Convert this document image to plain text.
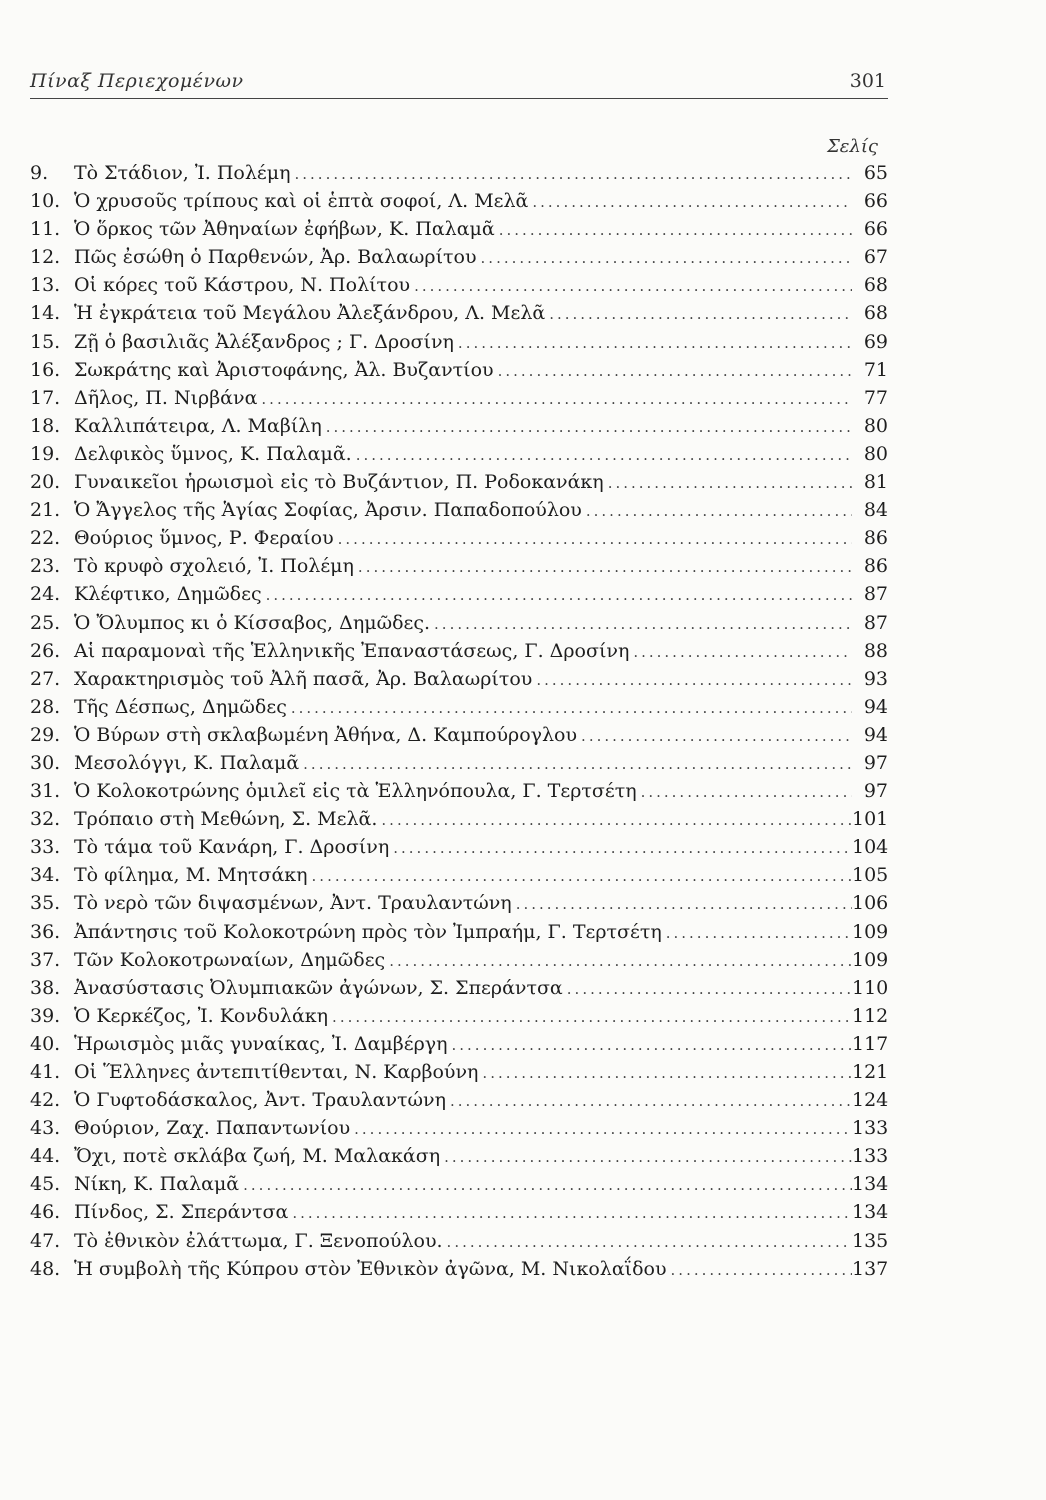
Πίναξ Περιεχομένων	301
Σελίς
9.	Τὸ Στάδιον, Ἰ. Πολέμη .....	65
10. Ὁ χρυσοῦς τρίπους καὶ οἱ ἑπτὰ σοφοί, Λ. Μελᾶ .....	66
11. Ὁ ὅρκος τῶν Ἀθηναίων ἐφήβων, Κ. Παλαμᾶ .....	66
12. Πῶς ἐσώθη ὁ Παρθενών, Ἀρ. Βαλαωρίτου .....	67
13. Οἱ κόρες τοῦ Κάστρου, Ν. Πολίτου .....	68
14. Ἡ ἐγκράτεια τοῦ Μεγάλου Ἀλεξάνδρου, Λ. Μελᾶ .....	68
15. Ζῇ ὁ βασιλιᾶς Ἀλέξανδρος ; Γ. Δροσίνη .....	69
16. Σωκράτης καὶ Ἀριστοφάνης, Ἀλ. Βυζαντίου .....	71
17. Δῆλος, Π. Νιρβάνα .....	77
18. Καλλιπάτειρα, Λ. Μαβίλη .....	80
19. Δελφικὸς ὕμνος, Κ. Παλαμᾶ. .....	80
20. Γυναικεῖοι ἡρωισμοὶ εἰς τὸ Βυζάντιον, Π. Ροδοκανάκη .....	81
21. Ὁ Ἄγγελος τῆς Ἁγίας Σοφίας, Ἀρσιν. Παπαδοπούλου .....	84
22. Θούριος ὕμνος, Ρ. Φεραίου .....	86
23. Τὸ κρυφὸ σχολειό, Ἰ. Πολέμη .....	86
24. Κλέφτικο, Δημῶδες .....	87
25. Ὁ Ὄλυμπος κι ὁ Κίσσαβος, Δημῶδες. .....	87
26. Αἱ παραμοναὶ τῆς Ἑλληνικῆς Ἐπαναστάσεως, Γ. Δροσίνη .....	88
27. Χαρακτηρισμὸς τοῦ Ἀλῆ πασᾶ, Ἀρ. Βαλαωρίτου .....	93
28. Τῆς Δέσπως, Δημῶδες .....	94
29. Ὁ Βύρων στὴ σκλαβωμένη Ἀθήνα, Δ. Καμπούρογλου .....	94
30. Μεσολόγγι, Κ. Παλαμᾶ .....	97
31. Ὁ Κολοκοτρώνης ὁμιλεῖ εἰς τὰ Ἑλληνόπουλα, Γ. Τερτσέτη .....	97
32. Τρόπαιο στὴ Μεθώνη, Σ. Μελᾶ. .....	101
33. Τὸ τάμα τοῦ Κανάρη, Γ. Δροσίνη .....	104
34. Τὸ φίλημα, Μ. Μητσάκη .....	105
35. Τὸ νερὸ τῶν διψασμένων, Ἀντ. Τραυλαντώνη .....	106
36. Ἀπάντησις τοῦ Κολοκοτρώνη πρὸς τὸν Ἰμπραήμ, Γ. Τερτσέτη .....	109
37. Τῶν Κολοκοτρωναίων, Δημῶδες .....	109
38. Ἀνασύστασις Ὀλυμπιακῶν ἀγώνων, Σ. Σπεράντσα .....	110
39. Ὁ Κερκέζος, Ἰ. Κονδυλάκη .....	112
40. Ἡρωισμὸς μιᾶς γυναίκας, Ἰ. Δαμβέργη .....	117
41. Οἱ Ἕλληνες ἀντεπιτίθενται, Ν. Καρβούνη .....	121
42. Ὁ Γυφτοδάσκαλος, Ἀντ. Τραυλαντώνη .....	124
43. Θούριον, Ζαχ. Παπαντωνίου .....	133
44. Ὄχι, ποτὲ σκλάβα ζωή, Μ. Μαλακάση .....	133
45. Νίκη, Κ. Παλαμᾶ .....	134
46. Πίνδος, Σ. Σπεράντσα .....	134
47. Τὸ ἐθνικὸν ἐλάττωμα, Γ. Ξενοπούλου. .....	135
48. Ἡ συμβολὴ τῆς Κύπρου στὸν Ἐθνικὸν ἀγῶνα, Μ. Νικολαΐδου .....	137
